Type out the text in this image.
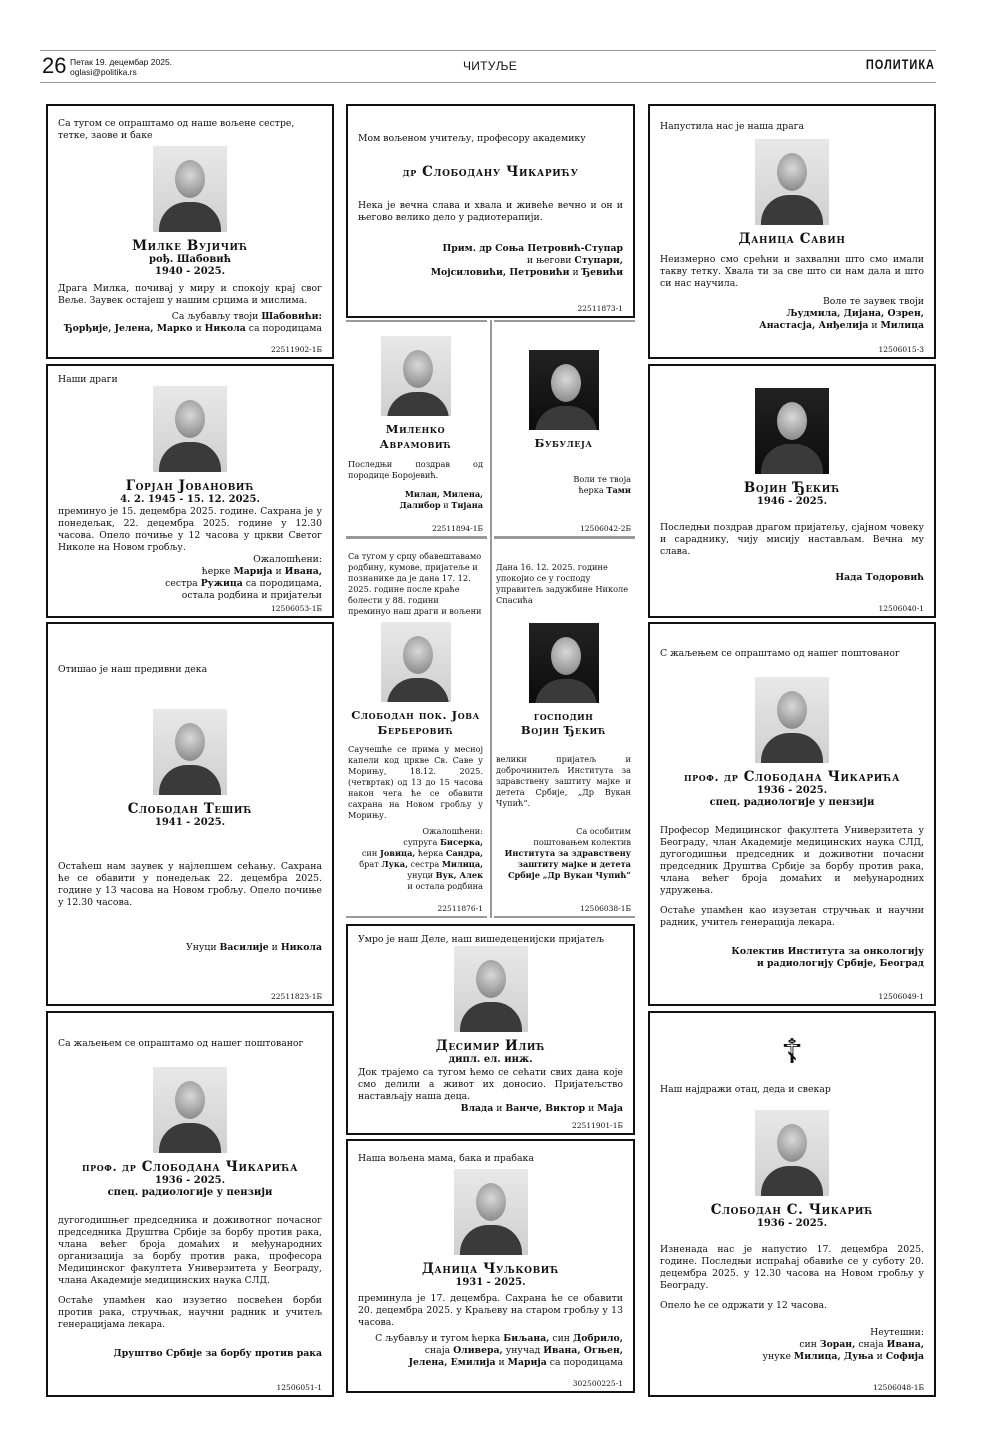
26 Петак 19. децембар 2025.
oglasi@politika.rs	ЧИТУЉЕ	ПОЛИТИКА
Са тугом се опраштамо од наше вољене сестре, тетке, заове и баке
Милке Вујичић
рођ. Шабовић
1940 - 2025.

Драга Милка, почивај у миру и спокоју крај свог Веље. Заувек остајеш у нашим срцима и мислима.

Са љубављу твоји Шабовићи:
Ђорђије, Јелена, Марко и Никола са породицама
22511902-1Б
Наши драги
Горјан Јовановић
4. 2. 1945 - 15. 12. 2025.

преминуо је 15. децембра 2025. године. Сахрана је у понедељак, 22. децембра 2025. године у 12.30 часова. Опело почиње у 12 часова у цркви Светог Николе на Новом гробљу.

Ожалошћени:
ћерке Марија и Ивана,
сестра Ружица са породицама,
остала родбина и пријатељи
12506053-1Б
Отишао је наш предивни дека
Слободан Тешић
1941 - 2025.

Остаћеш нам заувек у најлепшем сећању. Сахрана ће се обавити у понедељак 22. децембра 2025. године у 13 часова на Новом гробљу. Опело почиње у 12.30 часова.

Унуци Василије и Никола
22511823-1Б
Са жаљењем се опраштамо од нашег поштованог
проф. др Слободана Чикарића
1936 - 2025.
спец. радиологије у пензији

дугогодишњег председника и доживотног почасног председника Друштва Србије за борбу против рака, члана већег броја домаћих и међународних организација за борбу против рака, професора Медицинског факултета Универзитета у Београду, члана Академије медицинских наука СЛД.

Остаће упамћен као изузетно посвећен борби против рака, стручњак, научни радник и учитељ генерацијама лекара.

Друштво Србије за борбу против рака
12506051-1
Мом вољеном учитељу, професору академику
др Слободану Чикарићу

Нека је вечна слава и хвала и живеће вечно и он и његово велико дело у радиотерапији.

Прим. др Соња Петровић-Ступар
и његови Ступари,
Мојсиловићи, Петровићи и Ђевићи
22511873-1
Миленко Аврамовић

Последњи поздрав од породице Боројевић.

Милан, Милена,
Далибор и Тијана
22511894-1Б
Бубулеја
Воли те твоја
ћерка Тами
12506042-2Б
Са тугом у срцу обавештавамо родбину, кумове, пријатеље и познанике да је дана 17. 12. 2025. године после краће болести у 88. години преминуо наш драги и вољени
Слободан пок. Јова Берберовић

Саучешће се прима у месној капели код цркве Св. Саве у Морињу, 18.12. 2025. (четвртак) од 13 до 15 часова након чега ће се обавити сахрана на Новом гробљу у Морињу.

Ожалошћени:
супруга Бисерка,
син Јовица, ћерка Сандра,
брат Лука, сестра Милица,
унуци Вук, Алек
и остала родбина
22511876-1
Дана 16. 12. 2025. године упокојио се у господу управитељ задужбине Николе Спасића
господин
Војин Ђекић

велики пријатељ и доброчинитељ Института за здравствену заштиту мајке и детета Србије, „Др Вукан Чупић“.

Са особитим
поштовањем колектив
Института за здравствену
заштиту мајке и детета
Србије „Др Вукан Чупић“
12506038-1Б
Умро је наш Деле, наш вишедеценијски пријатељ
Десимир Илић
дипл. ел. инж.

Док трајемо са тугом ћемо се сећати свих дана које смо делили а живот их доносио. Пријатељство настављају наша деца.

Влада и Ванче, Виктор и Маја
22511901-1Б
Наша вољена мама, бака и прабака
Даница Чуљковић
1931 - 2025.

преминула је 17. децембра. Сахрана ће се обавити 20. децембра 2025. у Краљеву на старом гробљу у 13 часова.

С љубављу и тугом ћерка Биљана, син Добрило,
снаја Оливера, унучад Ивана, Огњен,
Јелена, Емилија и Марија са породицама
302500225-1
Напустила нас је наша драга
Даница Савин

Неизмерно смо срећни и захвални што смо имали такву тетку. Хвала ти за све што си нам дала и што си нас научила.

Воле те заувек твоји
Људмила, Дијана, Озрен,
Анастасја, Анђелија и Милица
12506015-3
Војин Ђекић
1946 - 2025.

Последњи поздрав драгом пријатељу, сјајном човеку и сараднику, чију мисију настављам. Вечна му слава.

Нада Тодоровић
12506040-1
С жаљењем се опраштамо од нашег поштованог
проф. др Слободана Чикарића
1936 - 2025.
спец. радиологије у пензији

Професор Медицинског факултета Универзитета у Београду, члан Академије медицинских наука СЛД, дугогодишњи председник и доживотни почасни председник Друштва Србије за борбу против рака, члана већег броја домаћих и међународних удружења.

Остаће упамћен као изузетан стручњак и научни радник, учитељ генерација лекара.

Колектив Института за онкологију
и радиологију Србије, Београд
12506049-1
☦
Наш најдражи отац, деда и свекар
Слободан С. Чикарић
1936 - 2025.

Изненада нас је напустио 17. децембра 2025. године. Последњи испраћај обавиће се у суботу 20. децембра 2025. у 12.30 часова на Новом гробљу у Београду.

Опело ће се одржати у 12 часова.

Неутешни:
син Зоран, снаја Ивана,
унуке Милица, Дуња и Софија
12506048-1Б
